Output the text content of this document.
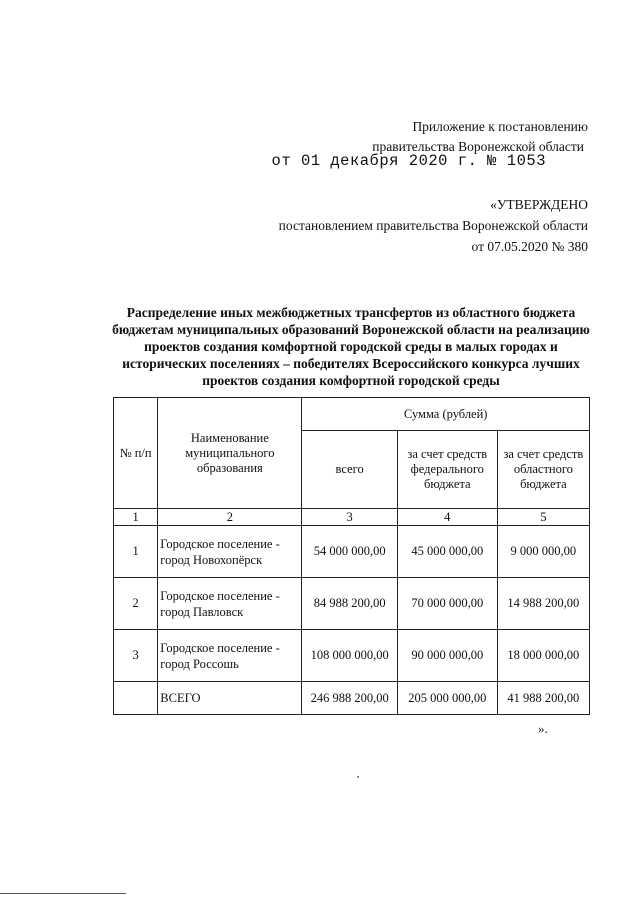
Приложение к постановлению
правительства Воронежской области
от 01 декабря 2020 г. № 1053
«УТВЕРЖДЕНО
постановлением правительства Воронежской области
от 07.05.2020 № 380
Распределение иных межбюджетных трансфертов из областного бюджета бюджетам муниципальных образований Воронежской области на реализацию проектов создания комфортной городской среды в малых городах и исторических поселениях – победителях Всероссийского конкурса лучших проектов создания комфортной городской среды
№ п/п	Наименование муниципального образования	Сумма (рублей)		
		всего	за счет средств федерального бюджета	за счет средств областного бюджета
1	2	3	4	5
1	Городское поселение - город Новохопёрск	54 000 000,00	45 000 000,00	9 000 000,00
2	Городское поселение - город Павловск	84 988 200,00	70 000 000,00	14 988 200,00
3	Городское поселение - город Россошь	108 000 000,00	90 000 000,00	18 000 000,00
	ВСЕГО	246 988 200,00	205 000 000,00	41 988 200,00
».
